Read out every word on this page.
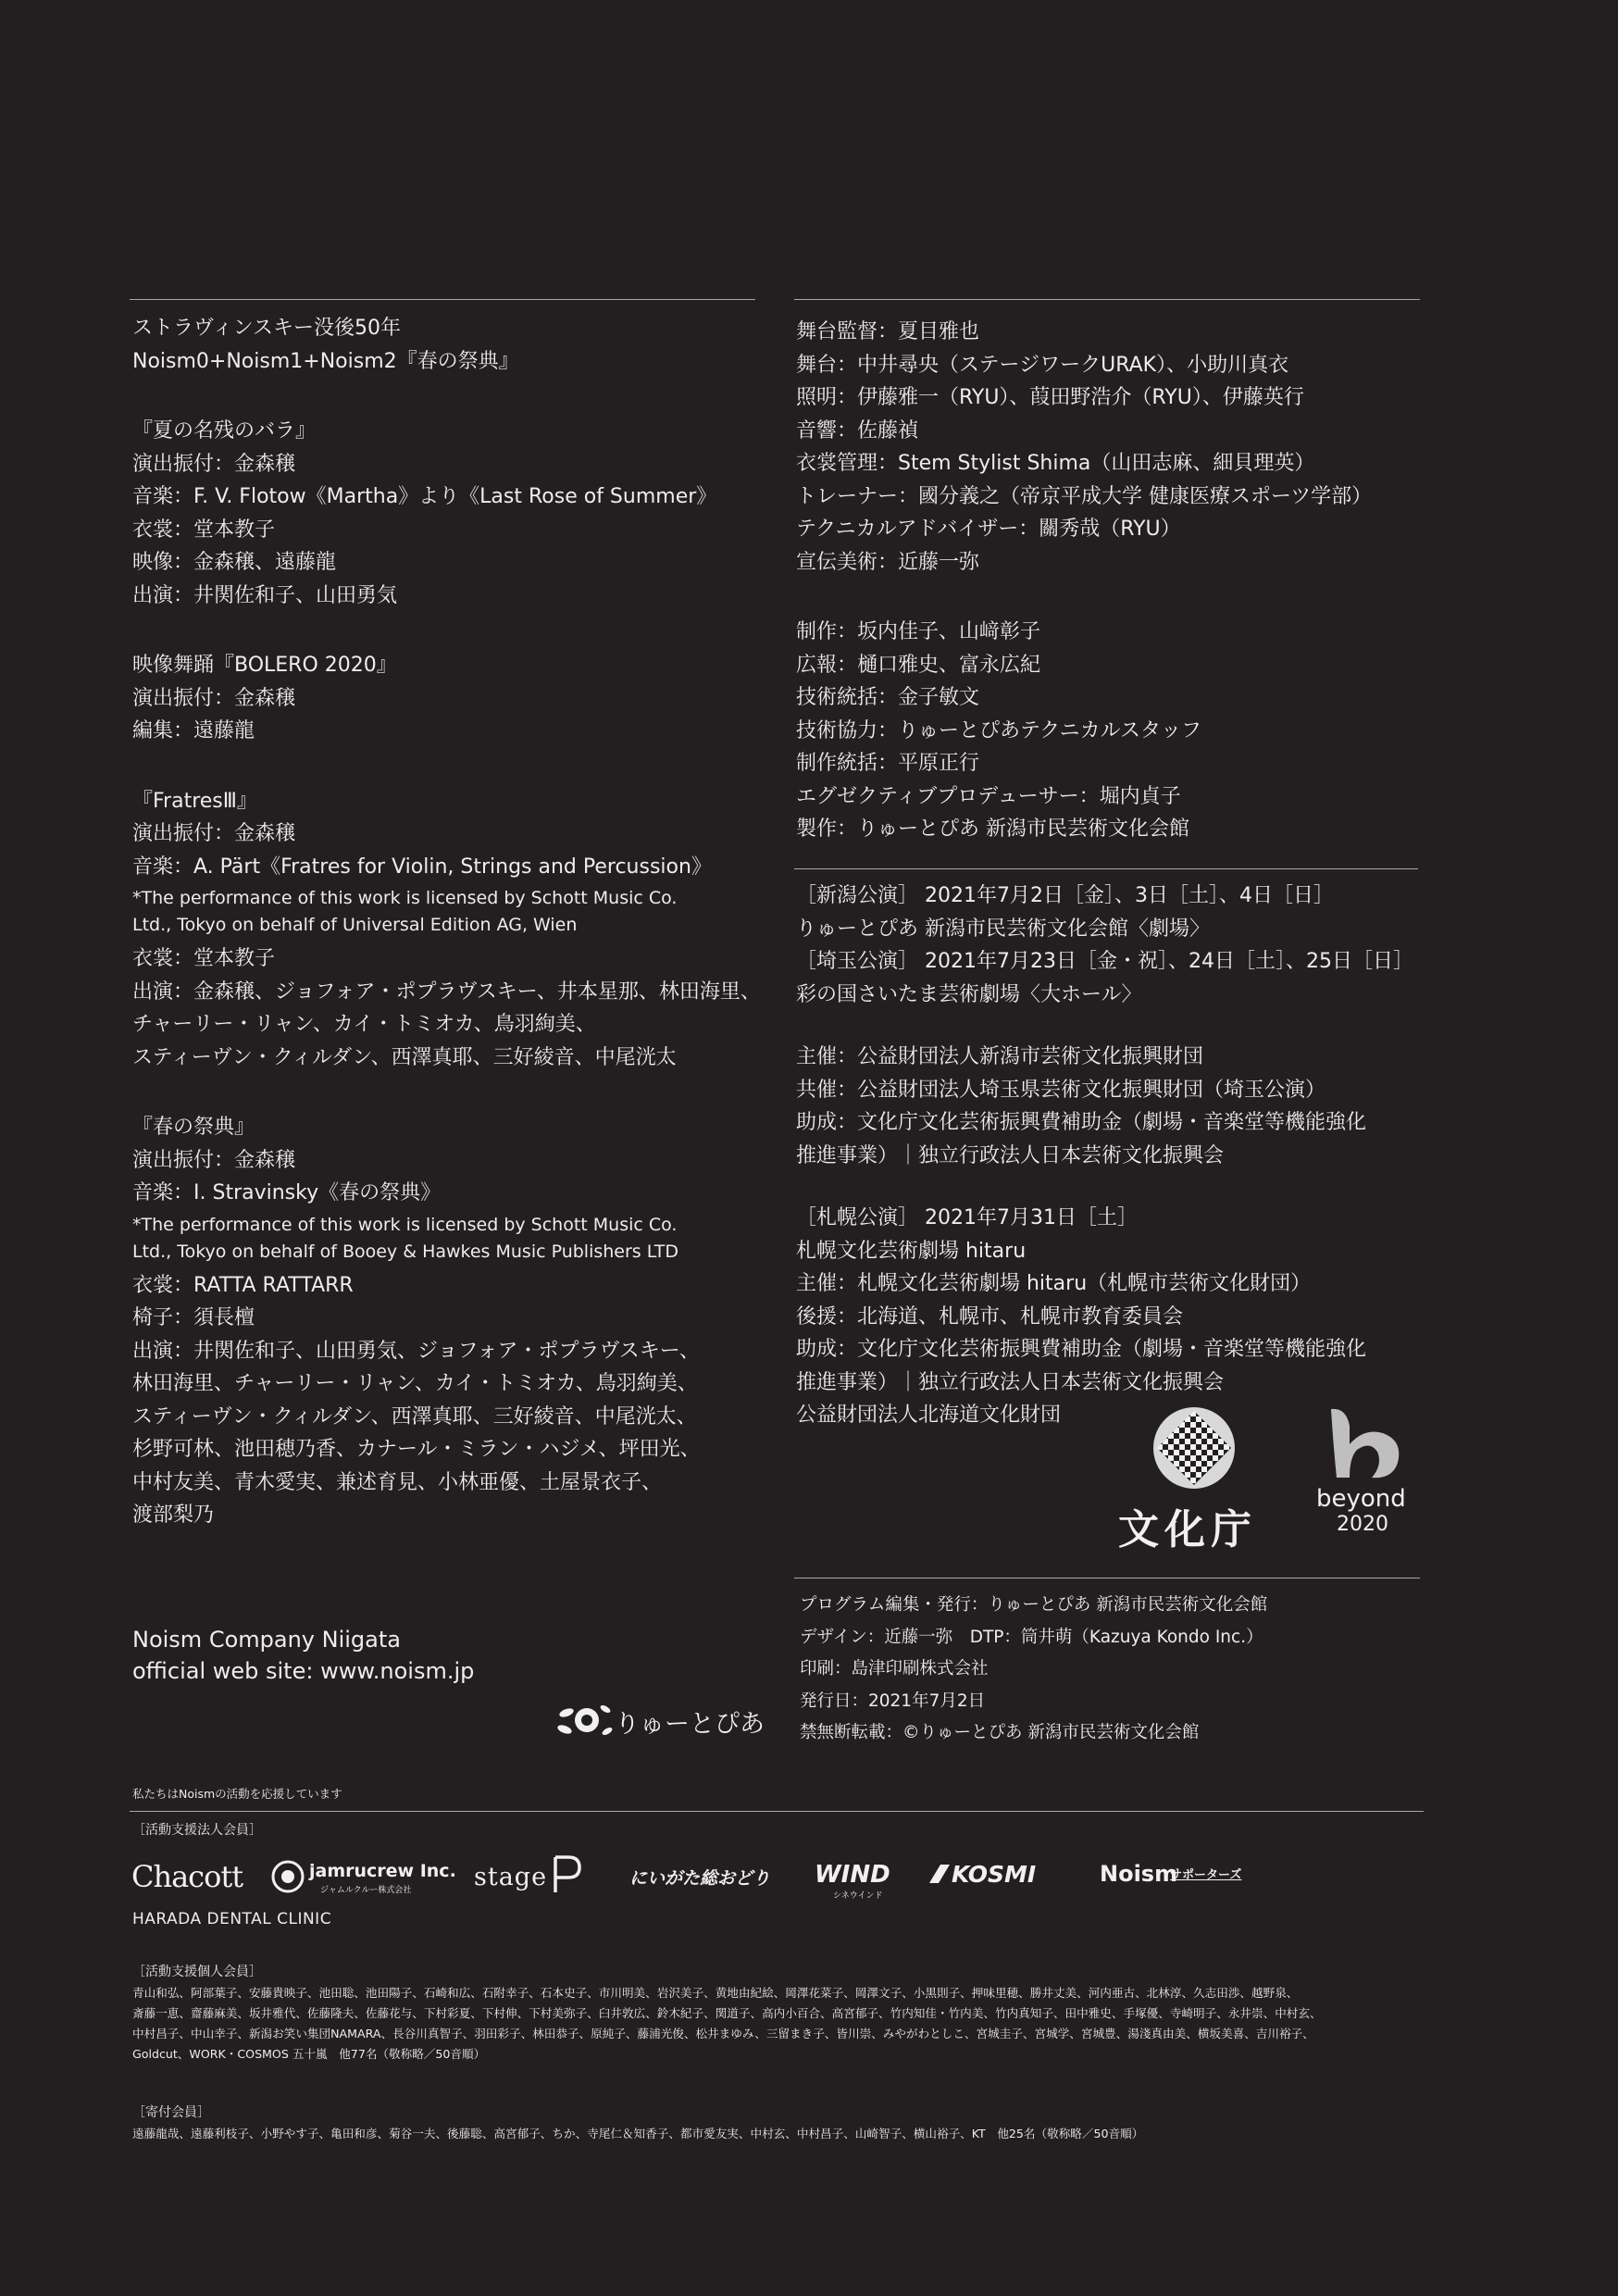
ストラヴィンスキー没後50年
Noism0+Noism1+Noism2『春の祭典』
『夏の名残のバラ』
演出振付：金森穣
音楽：F. V. Flotow《Martha》より《Last Rose of Summer》
衣裳：堂本教子
映像：金森穣、遠藤龍
出演：井関佐和子、山田勇気
映像舞踊『BOLERO 2020』
演出振付：金森穣
編集：遠藤龍
『FratresⅢ』
演出振付：金森穣
音楽：A. Pärt《Fratres for Violin, Strings and Percussion》
*The performance of this work is licensed by Schott Music Co.
Ltd., Tokyo on behalf of Universal Edition AG, Wien
衣裳：堂本教子
出演：金森穣、ジョフォア・ポプラヴスキー、井本星那、林田海里、
チャーリー・リャン、カイ・トミオカ、鳥羽絢美、
スティーヴン・クィルダン、西澤真耶、三好綾音、中尾洸太
『春の祭典』
演出振付：金森穣
音楽：I. Stravinsky《春の祭典》
*The performance of this work is licensed by Schott Music Co.
Ltd., Tokyo on behalf of Booey & Hawkes Music Publishers LTD
衣裳：RATTA RATTARR
椅子：須長檀
出演：井関佐和子、山田勇気、ジョフォア・ポプラヴスキー、
林田海里、チャーリー・リャン、カイ・トミオカ、鳥羽絢美、
スティーヴン・クィルダン、西澤真耶、三好綾音、中尾洸太、
杉野可林、池田穂乃香、カナール・ミラン・ハジメ、坪田光、
中村友美、青木愛実、兼述育見、小林亜優、土屋景衣子、
渡部梨乃
Noism Company Niigata
official web site: www.noism.jp
りゅーとぴあ
舞台監督：夏目雅也
舞台：中井尋央（ステージワークURAK）、小助川真衣
照明：伊藤雅一（RYU）、葭田野浩介（RYU）、伊藤英行
音響：佐藤禎
衣裳管理：Stem Stylist Shima（山田志麻、細貝理英）
トレーナー：國分義之（帝京平成大学 健康医療スポーツ学部）
テクニカルアドバイザー：關秀哉（RYU）
宣伝美術：近藤一弥
制作：坂内佳子、山﨑彰子
広報：樋口雅史、富永広紀
技術統括：金子敏文
技術協力：りゅーとぴあテクニカルスタッフ
制作統括：平原正行
エグゼクティブプロデューサー：堀内貞子
製作：りゅーとぴあ 新潟市民芸術文化会館
［新潟公演］ 2021年7月2日［金］、3日［土］、4日［日］
りゅーとぴあ 新潟市民芸術文化会館〈劇場〉
［埼玉公演］ 2021年7月23日［金・祝］、24日［土］、25日［日］
彩の国さいたま芸術劇場〈大ホール〉
主催：公益財団法人新潟市芸術文化振興財団
共催：公益財団法人埼玉県芸術文化振興財団（埼玉公演）
助成：文化庁文化芸術振興費補助金（劇場・音楽堂等機能強化
推進事業）｜独立行政法人日本芸術文化振興会
［札幌公演］ 2021年7月31日［土］
札幌文化芸術劇場 hitaru
主催：札幌文化芸術劇場 hitaru（札幌市芸術文化財団）
後援：北海道、札幌市、札幌市教育委員会
助成：文化庁文化芸術振興費補助金（劇場・音楽堂等機能強化
推進事業）｜独立行政法人日本芸術文化振興会
公益財団法人北海道文化財団
文化庁
beyond
2020
プログラム編集・発行：りゅーとぴあ 新潟市民芸術文化会館
デザイン：近藤一弥　DTP：筒井萌（Kazuya Kondo Inc.）
印刷：島津印刷株式会社
発行日：2021年7月2日
禁無断転載：©りゅーとぴあ 新潟市民芸術文化会館
私たちはNoismの活動を応援しています
［活動支援法人会員］
Chacott	jamrucrew Inc.
ジャムルクルー株式会社	stage	にいがた総おどり WIND
シネウインド
KOSMI	Noism
サポーターズ
HARADA DENTAL CLINIC
［活動支援個人会員］
青山和弘、阿部葉子、安藤貴映子、池田聡、池田陽子、石崎和広、石附幸子、石本史子、市川明美、岩沢美子、黄地由紀絵、岡澤花菜子、岡澤文子、小黒則子、押味里穂、勝井丈美、河内亜古、北林淳、久志田渉、越野泉、
斎藤一恵、齋藤麻美、坂井雅代、佐藤隆夫、佐藤花与、下村彩夏、下村伸、下村美弥子、臼井敦広、鈴木紀子、関道子、高内小百合、高宮郁子、竹内知佳・竹内美、竹内真知子、田中雅史、手塚優、寺崎明子、永井崇、中村玄、
中村昌子、中山幸子、新潟お笑い集団NAMARA、長谷川真智子、羽田彩子、林田恭子、原純子、藤浦光俊、松井まゆみ、三留まき子、皆川崇、みやがわとしこ、宮城圭子、宮城学、宮城豊、湯淺真由美、横坂美喜、吉川裕子、
Goldcut、WORK・COSMOS 五十嵐　他77名（敬称略／50音順）
［寄付会員］
遠藤龍哉、遠藤利枝子、小野やす子、亀田和彦、菊谷一夫、後藤聡、高宮郁子、ちか、寺尾仁＆知香子、都市愛友実、中村玄、中村昌子、山崎智子、横山裕子、KT　他25名（敬称略／50音順）
